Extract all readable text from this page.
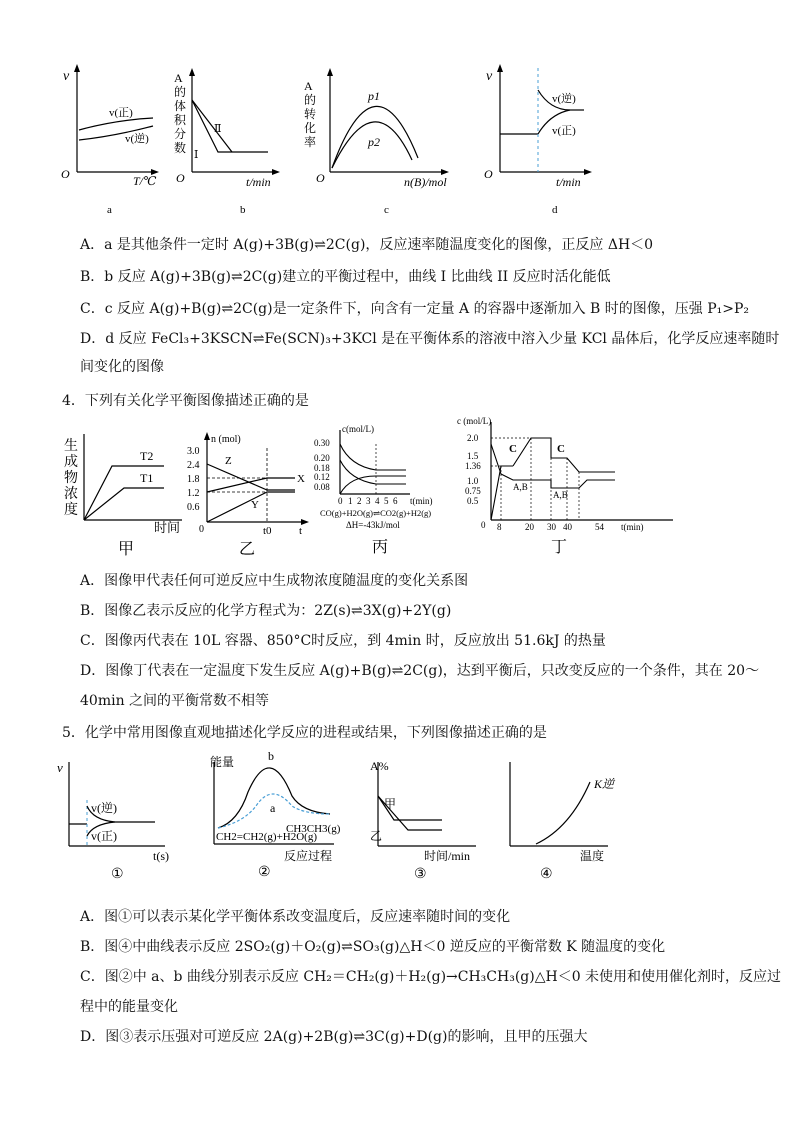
v
v(正)
v(逆)
O	T/℃
a
A
的
体
积
分
数
Ⅱ
Ⅰ
O	t/min
b
A
的
转
化
率
p1
p2
O	n(B)/mol
c
v
v(逆)
v(正)
O
t/min
d
A．a 是其他条件一定时 A(g)+3B(g)⇌2C(g)，反应速率随温度变化的图像，正反应 ΔH＜0
B．b 反应 A(g)+3B(g)⇌2C(g)建立的平衡过程中，曲线 I 比曲线 II 反应时活化能低
C．c 反应 A(g)+B(g)⇌2C(g)是一定条件下，向含有一定量 A 的容器中逐渐加入 B 时的图像，压强 P₁>P₂
D．d 反应 FeCl₃+3KSCN⇌Fe(SCN)₃+3KCl 是在平衡体系的溶液中溶入少量 KCl 晶体后，化学反应速率随时
间变化的图像
4．下列有关化学平衡图像描述正确的是
生
成
物
浓
度
T2
T1
时间
甲
n (mol)
3.0
2.4
1.8
1.2
0.6
0
Z
X
Y
t0 t
乙
c(mol/L)
0.30
0.20
0.18
0.12
0.08
0 1 2 3 4 5 6 t(min)
CO(g)+H2O(g)⇌CO2(g)+H2(g)
ΔH=-43kJ/mol
丙
c (mol/L)
2.0
1.5
1.36
1.0
0.75
0.5
0 8	20 30 40	54 t(min)
C	C
A,B
A,B
丁
A．图像甲代表任何可逆反应中生成物浓度随温度的变化关系图
B．图像乙表示反应的化学方程式为：2Z(s)⇌3X(g)+2Y(g)
C．图像丙代表在 10L 容器、850°C时反应，到 4min 时，反应放出 51.6kJ 的热量
D．图像丁代表在一定温度下发生反应 A(g)+B(g)⇌2C(g)，达到平衡后，只改变反应的一个条件，其在 20～
40min 之间的平衡常数不相等
5．化学中常用图像直观地描述化学反应的进程或结果，下列图像描述正确的是
v
v(逆)
v(正)
t(s)
①
能量	b
a
CH3CH3(g)
CH2=CH2(g)+H2O(g)
反应过程
②
A%
甲
乙
时间/min
③
K逆
温度
④
A．图①可以表示某化学平衡体系改变温度后，反应速率随时间的变化
B．图④中曲线表示反应 2SO₂(g)＋O₂(g)⇌SO₃(g)△H＜0 逆反应的平衡常数 K 随温度的变化
C．图②中 a、b 曲线分别表示反应 CH₂＝CH₂(g)＋H₂(g)→CH₃CH₃(g)△H＜0 未使用和使用催化剂时，反应过
程中的能量变化
D．图③表示压强对可逆反应 2A(g)+2B(g)⇌3C(g)+D(g)的影响，且甲的压强大
